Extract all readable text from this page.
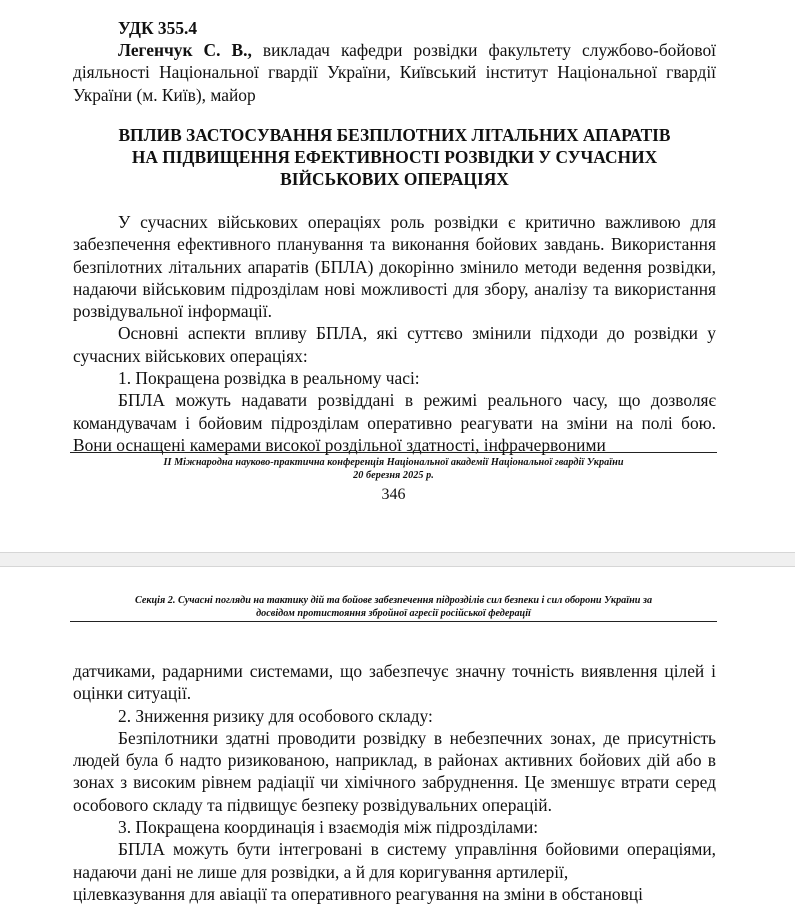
УДК 355.4
Легенчук С. В., викладач кафедри розвідки факультету службово-бойової діяльності Національної гвардії України, Київський інститут Національної гвардії України (м. Київ), майор
ВПЛИВ ЗАСТОСУВАННЯ БЕЗПІЛОТНИХ ЛІТАЛЬНИХ АПАРАТІВ
НА ПІДВИЩЕННЯ ЕФЕКТИВНОСТІ РОЗВІДКИ У СУЧАСНИХ
ВІЙСЬКОВИХ ОПЕРАЦІЯХ

У сучасних військових операціях роль розвідки є критично важливою для забезпечення ефективного планування та виконання бойових завдань. Використання безпілотних літальних апаратів (БПЛА) докорінно змінило методи ведення розвідки, надаючи військовим підрозділам нові можливості для збору, аналізу та використання розвідувальної інформації.

Основні аспекти впливу БПЛА, які суттєво змінили підходи до розвідки у сучасних військових операціях:

1. Покращена розвідка в реальному часі:

БПЛА можуть надавати розвіддані в режимі реального часу, що дозволяє командувачам і бойовим підрозділам оперативно реагувати на зміни на полі бою. Вони оснащені камерами високої роздільної здатності, інфрачервоними

II Міжнародна науково-практична конференція Національної академії Національної гвардії України
20 березня 2025 р.
346
Секція 2. Сучасні погляди на тактику дій та бойове забезпечення підрозділів сил безпеки і сил оборони України за
досвідом протистояння збройної агресії російської федерації

датчиками, радарними системами, що забезпечує значну точність виявлення цілей і оцінки ситуації.

2. Зниження ризику для особового складу:

Безпілотники здатні проводити розвідку в небезпечних зонах, де присутність людей була б надто ризикованою, наприклад, в районах активних бойових дій або в зонах з високим рівнем радіації чи хімічного забруднення. Це зменшує втрати серед особового складу та підвищує безпеку розвідувальних операцій.

3. Покращена координація і взаємодія між підрозділами:

БПЛА можуть бути інтегровані в систему управління бойовими операціями, надаючи дані не лише для розвідки, а й для коригування артилерії,

цілевказування для авіації та оперативного реагування на зміни в обстановці
